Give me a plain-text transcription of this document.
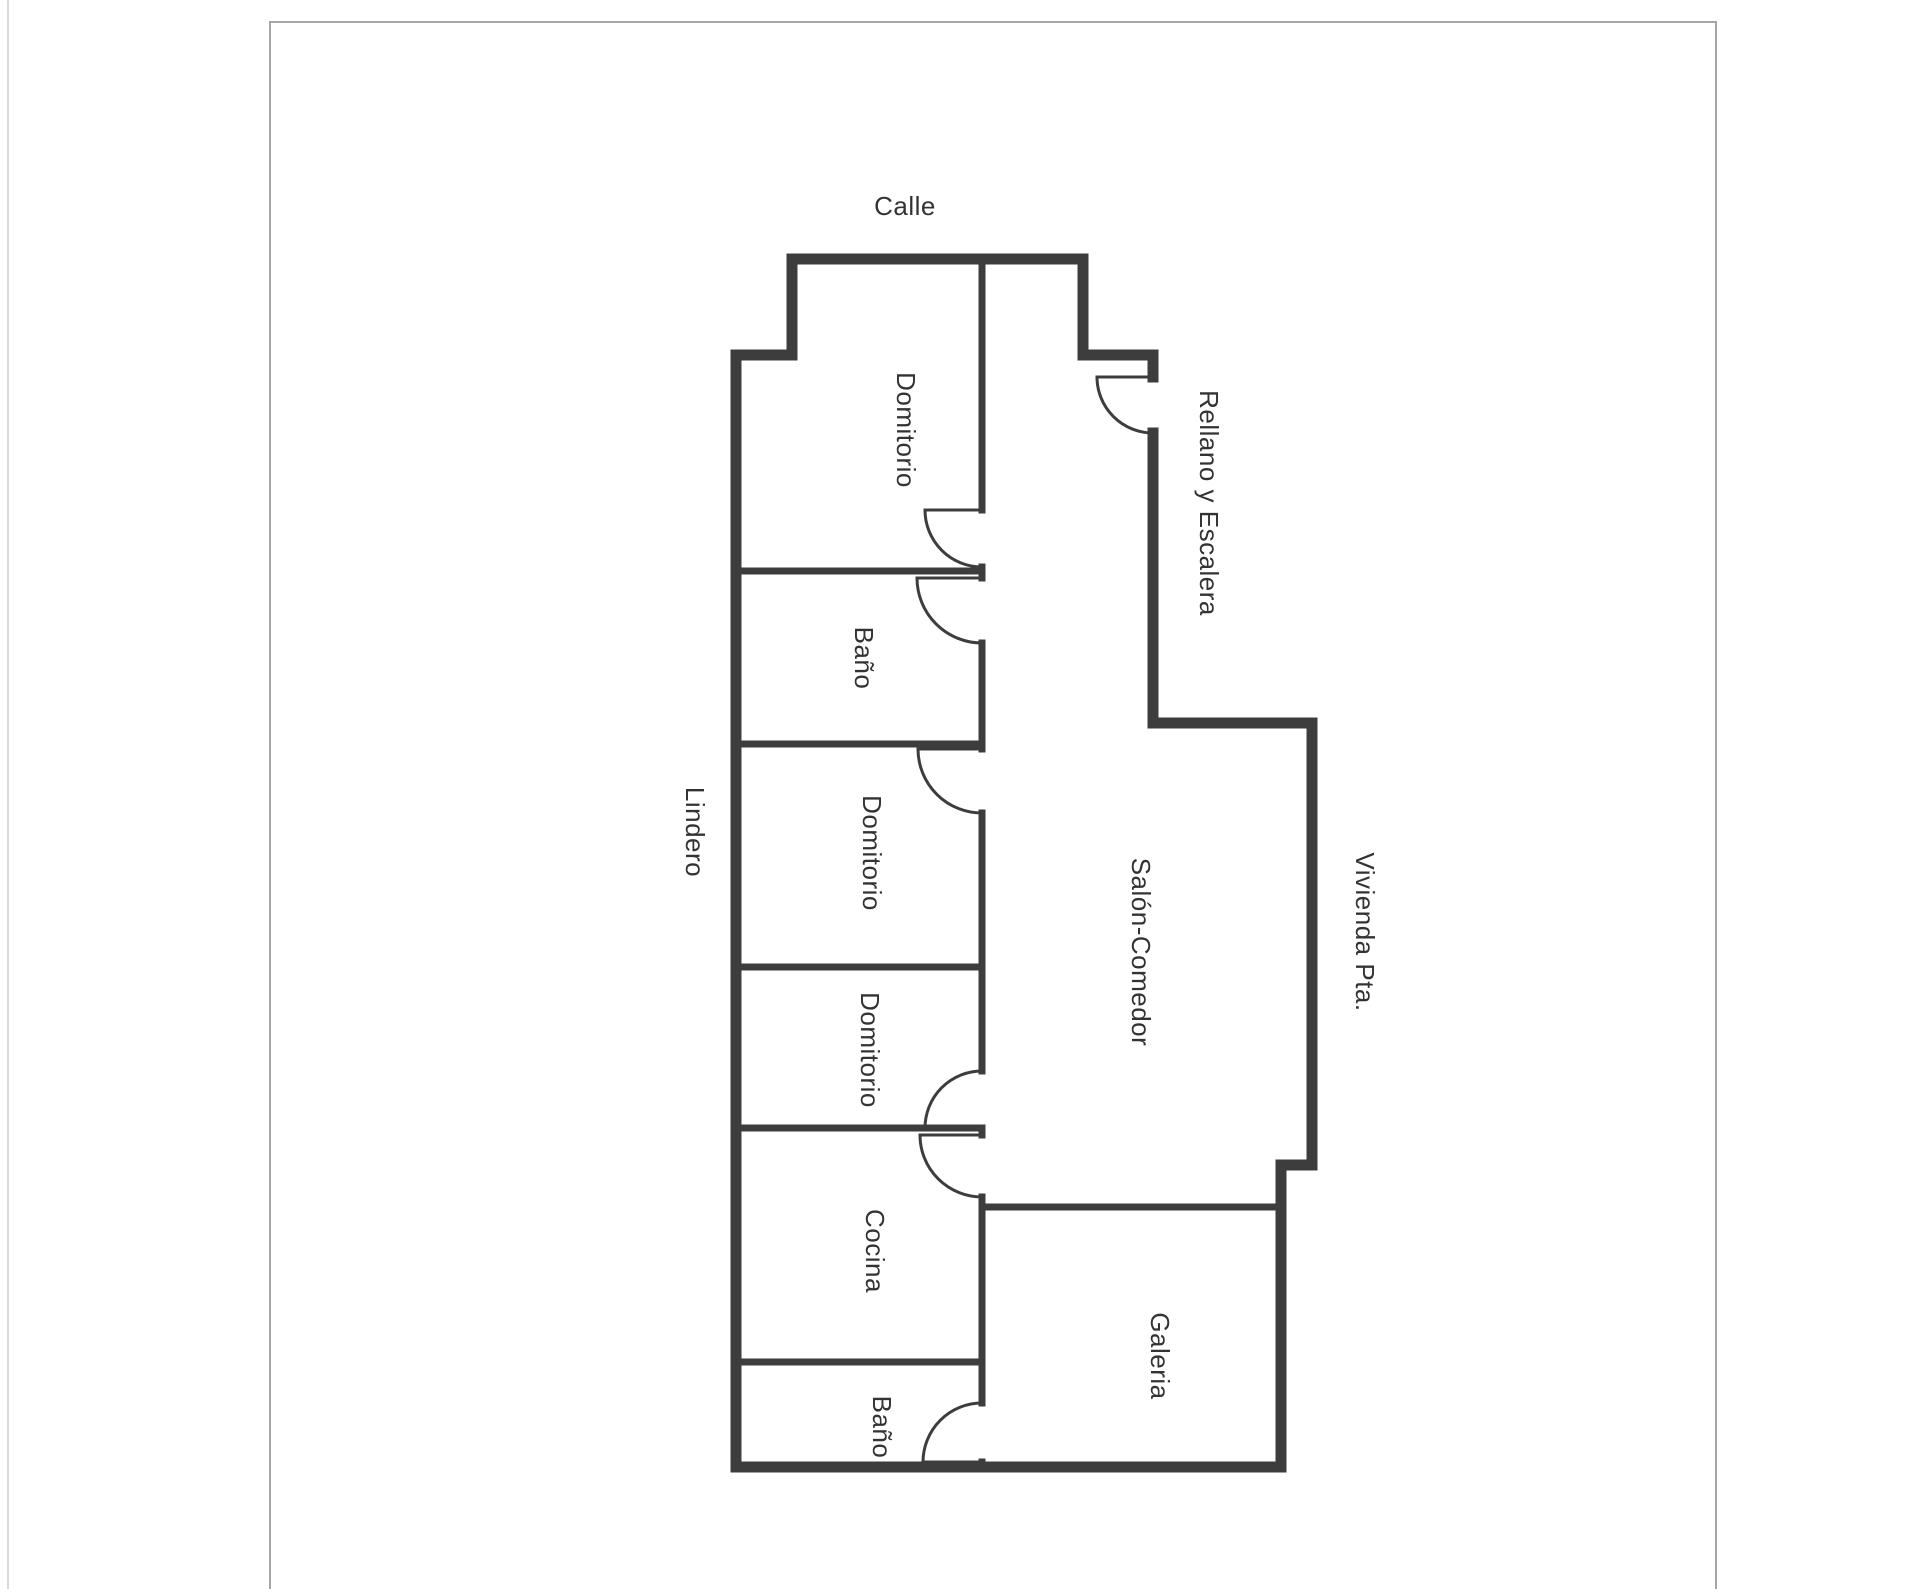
Calle
Lindero
Rellano y Escalera
Vivienda Pta.
Domitorio
Baño
Domitorio
Domitorio
Salón-Comedor
Cocina
Galeria
Baño
